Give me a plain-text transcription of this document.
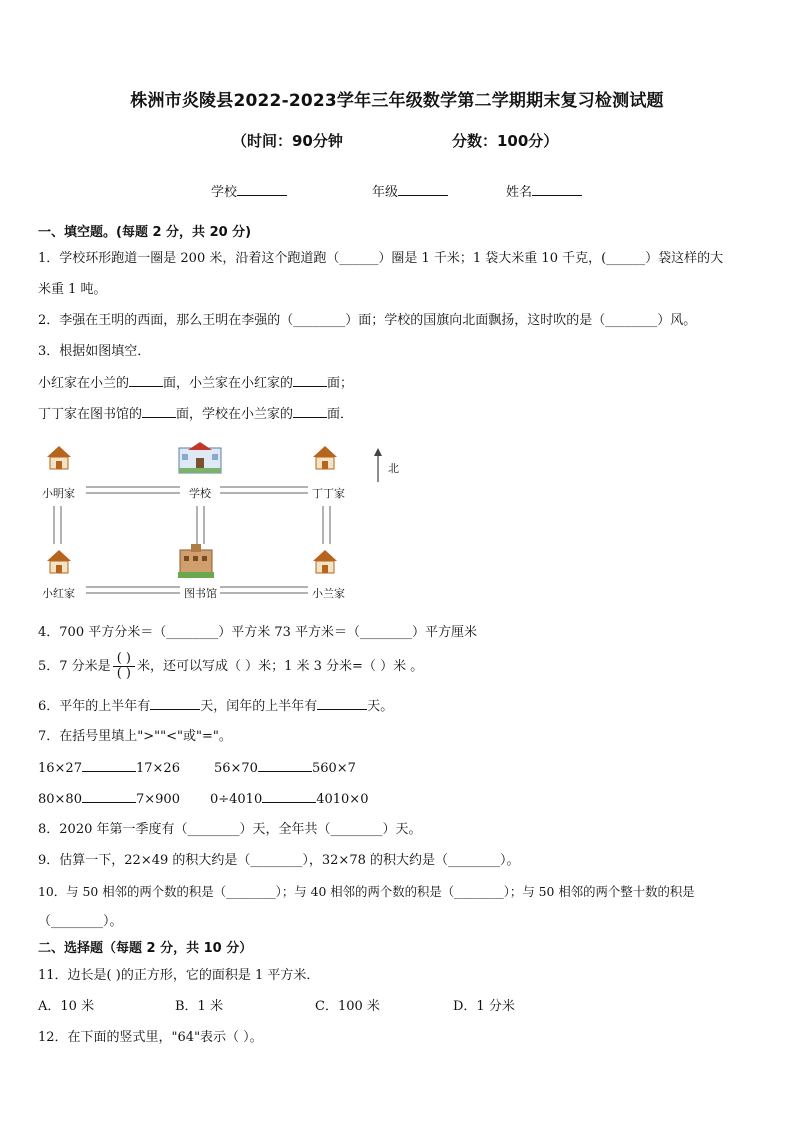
株洲市炎陵县2022-2023学年三年级数学第二学期期末复习检测试题
（时间：90分钟	分数：100分）
学校	年级	姓名
一、填空题。(每题 2 分，共 20 分)
1．学校环形跑道一圈是 200 米，沿着这个跑道跑（______）圈是 1 千米；1 袋大米重 10 千克，(______）袋这样的大
米重 1 吨。
2．李强在王明的西面，那么王明在李强的（________）面；学校的国旗向北面飘扬，这时吹的是（________）风。
3．根据如图填空．
小红家在小兰的	面，小兰家在小红家的	面；
丁丁家在图书馆的	面，学校在小兰家的	面．
小明家	学校	丁丁家
小红家	图书馆	小兰家
北
4．700 平方分米＝（________）平方米 73 平方米＝（________）平方厘米
5．7 分米是 $\frac{( )}{( )}$ 米，还可以写成（ ）米；1 米 3 分米=（ ）米 。
6．平年的上半年有	天，闰年的上半年有	天。
7．在括号里填上">""<"或"="。
16×27	17×26	56×70	560×7
80×80	7×900 0÷4010	4010×0
8．2020 年第一季度有（________）天，全年共（________）天。
9．估算一下，22×49 的积大约是（________），32×78 的积大约是（________）。
10．与 50 相邻的两个数的积是（________）；与 40 相邻的两个数的积是（________）；与 50 相邻的两个整十数的积是
（________）。
二、选择题（每题 2 分，共 10 分）
11．边长是( )的正方形，它的面积是 1 平方米．
A．10 米	B．1 米	C．100 米	D．1 分米
12．在下面的竖式里，"64"表示（ ）。
